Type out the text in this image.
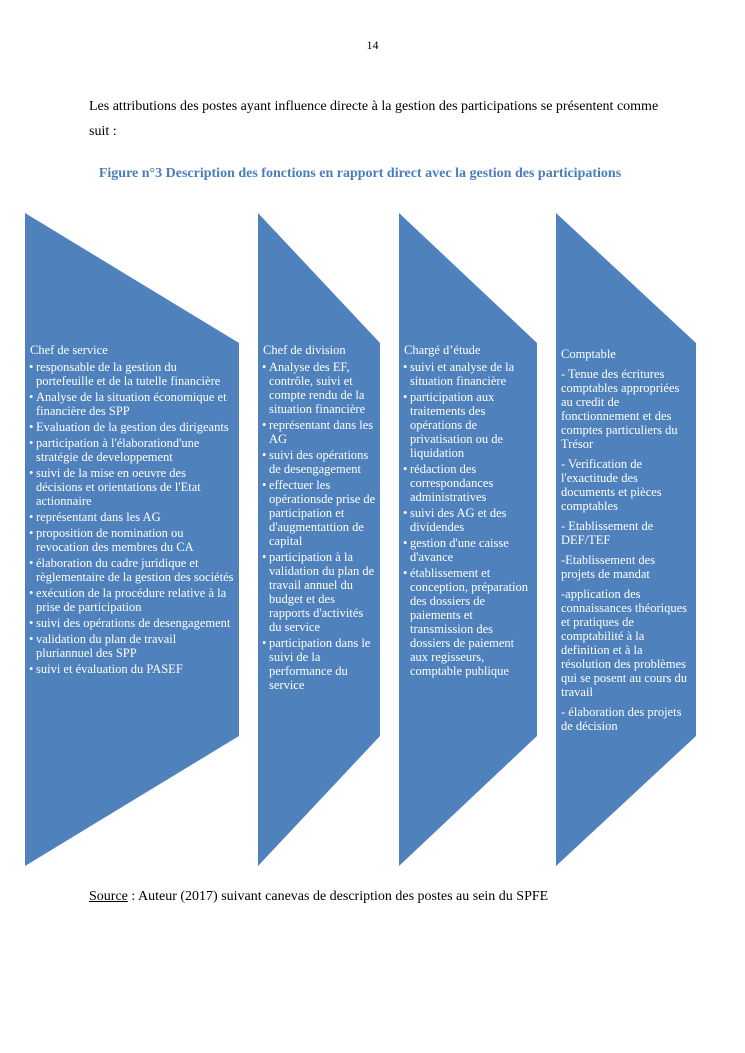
14
Les attributions des postes ayant influence directe à la gestion des participations se présentent comme suit :
Figure n°3 Description des fonctions en rapport direct avec la gestion des participations
Chef de service
• responsable de la gestion du portefeuille et de la tutelle financière
• Analyse de la situation économique et financière des SPP
• Evaluation de la gestion des dirigeants
• participation à l'élaborationd'une stratégie de developpement
• suivi de la mise en oeuvre des décisions et orientations de l'Etat actionnaire
• représentant dans les AG
• proposition de nomination ou revocation des membres du CA
• élaboration du cadre juridique et règlementaire de la gestion des sociétés
• exécution de la procédure relative à la prise de participation
• suivi des opérations de desengagement
• validation du plan de travail pluriannuel des SPP
• suivi et évaluation du PASEF
Chef de division
• Analyse des EF, contrôle, suivi et compte rendu de la situation financière
• représentant dans les AG
• suivi des opérations de desengagement
• effectuer les opérationsde prise de participation et d'augmentattion de capital
• participation à la validation du plan de travail annuel du budget et des rapports d'activités du service
• participation dans le suivi de la performance du service
Chargé d’étude
• suivi et analyse de la situation financière
• participation aux traitements des opérations de privatisation ou de liquidation
• rédaction des correspondances administratives
• suivi des AG et des dividendes
• gestion d'une caisse d'avance
• établissement et conception, préparation des dossiers de paiements et transmission des dossiers de paiement aux regisseurs, comptable publique
Comptable
- Tenue des écritures comptables appropriées au credit de fonctionnement et des comptes particuliers du Trésor
- Verification de l'exactitude des documents et pièces comptables
- Etablissement de DEF/TEF
-Etablissement des projets de mandat
-application des connaissances théoriques et pratiques de comptabilité à la definition et à la résolution des problèmes qui se posent au cours du travail
- élaboration des projets de décision
Source : Auteur (2017) suivant canevas de description des postes au sein du SPFE
